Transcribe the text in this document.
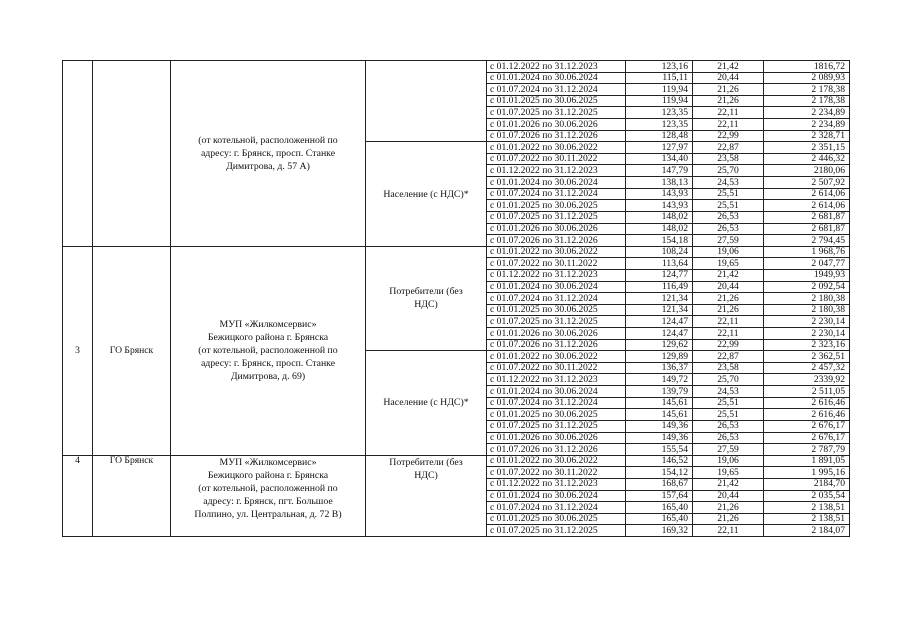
		(от котельной, расположенной по
адресу: г. Брянск, просп. Станке
Димитрова, д. 57 А)		с 01.12.2022 по 31.12.2023	123,16	21,42	1816,72
				с 01.01.2024 по 30.06.2024	115,11	20,44	2 089,93
				с 01.07.2024 по 31.12.2024	119,94	21,26	2 178,38
				с 01.01.2025 по 30.06.2025	119,94	21,26	2 178,38
				с 01.07.2025 по 31.12.2025	123,35	22,11	2 234,89
				с 01.01.2026 по 30.06.2026	123,35	22,11	2 234,89
				с 01.07.2026 по 31.12.2026	128,48	22,99	2 328,71
			Население (с НДС)*	с 01.01.2022 по 30.06.2022	127,97	22,87	2 351,15
				с 01.07.2022 по 30.11.2022	134,40	23,58	2 446,32
				с 01.12.2022 по 31.12.2023	147,79	25,70	2180,06
				с 01.01.2024 по 30.06.2024	138,13	24,53	2 507,92
				с 01.07.2024 по 31.12.2024	143,93	25,51	2 614,06
				с 01.01.2025 по 30.06.2025	143,93	25,51	2 614,06
				с 01.07.2025 по 31.12.2025	148,02	26,53	2 681,87
				с 01.01.2026 по 30.06.2026	148,02	26,53	2 681,87
				с 01.07.2026 по 31.12.2026	154,18	27,59	2 794,45
3	ГО Брянск	МУП «Жилкомсервис»
Бежицкого района г. Брянска
(от котельной, расположенной по
адресу: г. Брянск, просп. Станке
Димитрова, д. 69)	Потребители (без
НДС)	с 01.01.2022 по 30.06.2022	108,24	19,06	1 968,76
				с 01.07.2022 по 30.11.2022	113,64	19,65	2 047,77
				с 01.12.2022 по 31.12.2023	124,77	21,42	1949,93
				с 01.01.2024 по 30.06.2024	116,49	20,44	2 092,54
				с 01.07.2024 по 31.12.2024	121,34	21,26	2 180,38
				с 01.01.2025 по 30.06.2025	121,34	21,26	2 180,38
				с 01.07.2025 по 31.12.2025	124,47	22,11	2 230,14
				с 01.01.2026 по 30.06.2026	124,47	22,11	2 230,14
				с 01.07.2026 по 31.12.2026	129,62	22,99	2 323,16
			Население (с НДС)*	с 01.01.2022 по 30.06.2022	129,89	22,87	2 362,51
				с 01.07.2022 по 30.11.2022	136,37	23,58	2 457,32
				с 01.12.2022 по 31.12.2023	149,72	25,70	2339,92
				с 01.01.2024 по 30.06.2024	139,79	24,53	2 511,05
				с 01.07.2024 по 31.12.2024	145,61	25,51	2 616,46
				с 01.01.2025 по 30.06.2025	145,61	25,51	2 616,46
				с 01.07.2025 по 31.12.2025	149,36	26,53	2 676,17
				с 01.01.2026 по 30.06.2026	149,36	26,53	2 676,17
				с 01.07.2026 по 31.12.2026	155,54	27,59	2 787,79
4	ГО Брянск	МУП «Жилкомсервис»
Бежицкого района г. Брянска
(от котельной, расположенной по
адресу: г. Брянск, пгт. Большое
Полпино, ул. Центральная, д. 72 В)	Потребители (без
НДС)	с 01.01.2022 по 30.06.2022	146,52	19,06	1 891,05
				с 01.07.2022 по 30.11.2022	154,12	19,65	1 995,16
				с 01.12.2022 по 31.12.2023	168,67	21,42	2184,70
				с 01.01.2024 по 30.06.2024	157,64	20,44	2 035,54
				с 01.07.2024 по 31.12.2024	165,40	21,26	2 138,51
				с 01.01.2025 по 30.06.2025	165,40	21,26	2 138,51
				с 01.07.2025 по 31.12.2025	169,32	22,11	2 184,07
